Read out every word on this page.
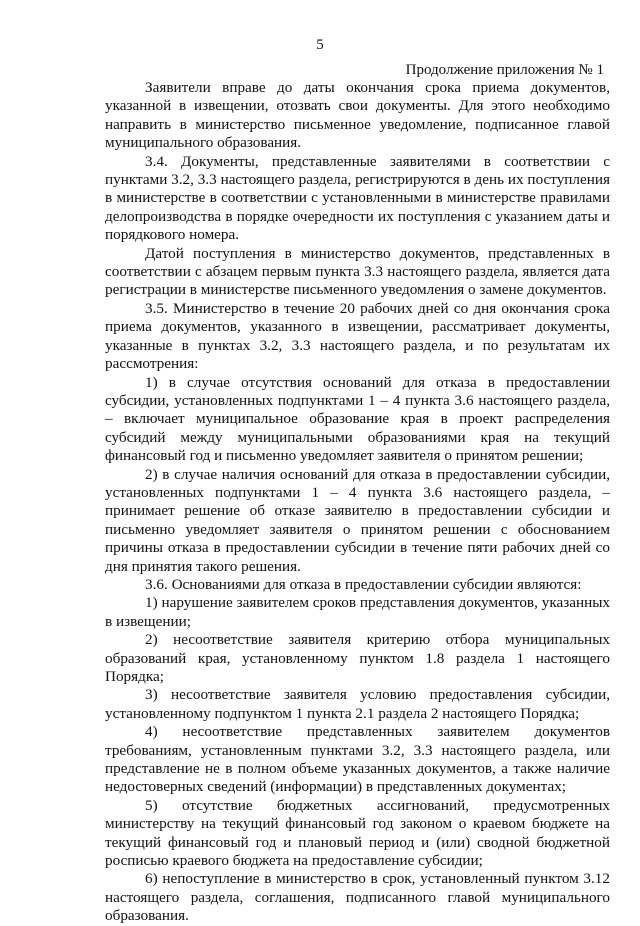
5
Продолжение приложения № 1

Заявители вправе до даты окончания срока приема документов, указанной в извещении, отозвать свои документы. Для этого необходимо направить в министерство письменное уведомление, подписанное главой муниципального образования.

3.4. Документы, представленные заявителями в соответствии с пунктами 3.2, 3.3 настоящего раздела, регистрируются в день их поступления в министерстве в соответствии с установленными в министерстве правилами делопроизводства в порядке очередности их поступления с указанием даты и порядкового номера.

Датой поступления в министерство документов, представленных в соответствии с абзацем первым пункта 3.3 настоящего раздела, является дата регистрации в министерстве письменного уведомления о замене документов.

3.5. Министерство в течение 20 рабочих дней со дня окончания срока приема документов, указанного в извещении, рассматривает документы, указанные в пунктах 3.2, 3.3 настоящего раздела, и по результатам их рассмотрения:

1) в случае отсутствия оснований для отказа в предоставлении субсидии, установленных подпунктами 1 – 4 пункта 3.6 настоящего раздела, – включает муниципальное образование края в проект распределения субсидий между муниципальными образованиями края на текущий финансовый год и письменно уведомляет заявителя о принятом решении;

2) в случае наличия оснований для отказа в предоставлении субсидии, установленных подпунктами 1 – 4 пункта 3.6 настоящего раздела, – принимает решение об отказе заявителю в предоставлении субсидии и письменно уведомляет заявителя о принятом решении с обоснованием причины отказа в предоставлении субсидии в течение пяти рабочих дней со дня принятия такого решения.

3.6. Основаниями для отказа в предоставлении субсидии являются:

1) нарушение заявителем сроков представления документов, указанных в извещении;

2) несоответствие заявителя критерию отбора муниципальных образований края, установленному пунктом 1.8 раздела 1 настоящего Порядка;

3) несоответствие заявителя условию предоставления субсидии, установленному подпунктом 1 пункта 2.1 раздела 2 настоящего Порядка;

4) несоответствие представленных заявителем документов требованиям, установленным пунктами 3.2, 3.3 настоящего раздела, или представление не в полном объеме указанных документов, а также наличие недостоверных сведений (информации) в представленных документах;

5) отсутствие бюджетных ассигнований, предусмотренных министерству на текущий финансовый год законом о краевом бюджете на текущий финансовый год и плановый период и (или) сводной бюджетной росписью краевого бюджета на предоставление субсидии;

6) непоступление в министерство в срок, установленный пунктом 3.12 настоящего раздела, соглашения, подписанного главой муниципального образования.
